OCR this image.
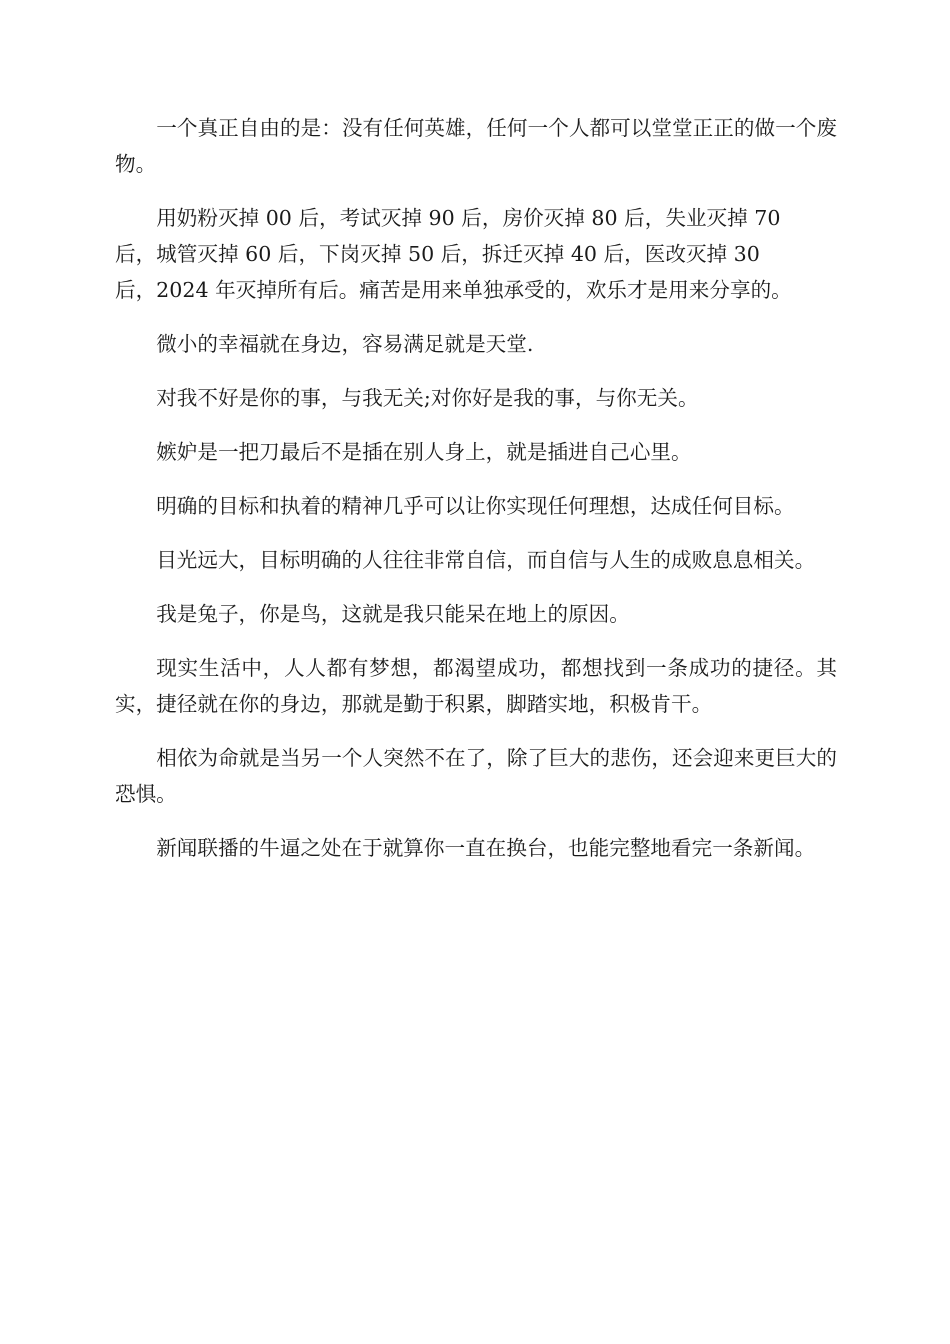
一个真正自由的是：没有任何英雄，任何一个人都可以堂堂正正的做一个废物。

用奶粉灭掉 00 后，考试灭掉 90 后，房价灭掉 80 后，失业灭掉 70
后，城管灭掉 60 后，下岗灭掉 50 后，拆迁灭掉 40 后，医改灭掉 30
后，2024 年灭掉所有后。痛苦是用来单独承受的，欢乐才是用来分享的。

微小的幸福就在身边，容易满足就是天堂.

对我不好是你的事，与我无关;对你好是我的事，与你无关。

嫉妒是一把刀最后不是插在别人身上，就是插进自己心里。

明确的目标和执着的精神几乎可以让你实现任何理想，达成任何目标。

目光远大，目标明确的人往往非常自信，而自信与人生的成败息息相关。

我是兔子，你是鸟，这就是我只能呆在地上的原因。

现实生活中，人人都有梦想，都渴望成功，都想找到一条成功的捷径。其实，捷径就在你的身边，那就是勤于积累，脚踏实地，积极肯干。

相依为命就是当另一个人突然不在了，除了巨大的悲伤，还会迎来更巨大的恐惧。

新闻联播的牛逼之处在于就算你一直在换台，也能完整地看完一条新闻。
